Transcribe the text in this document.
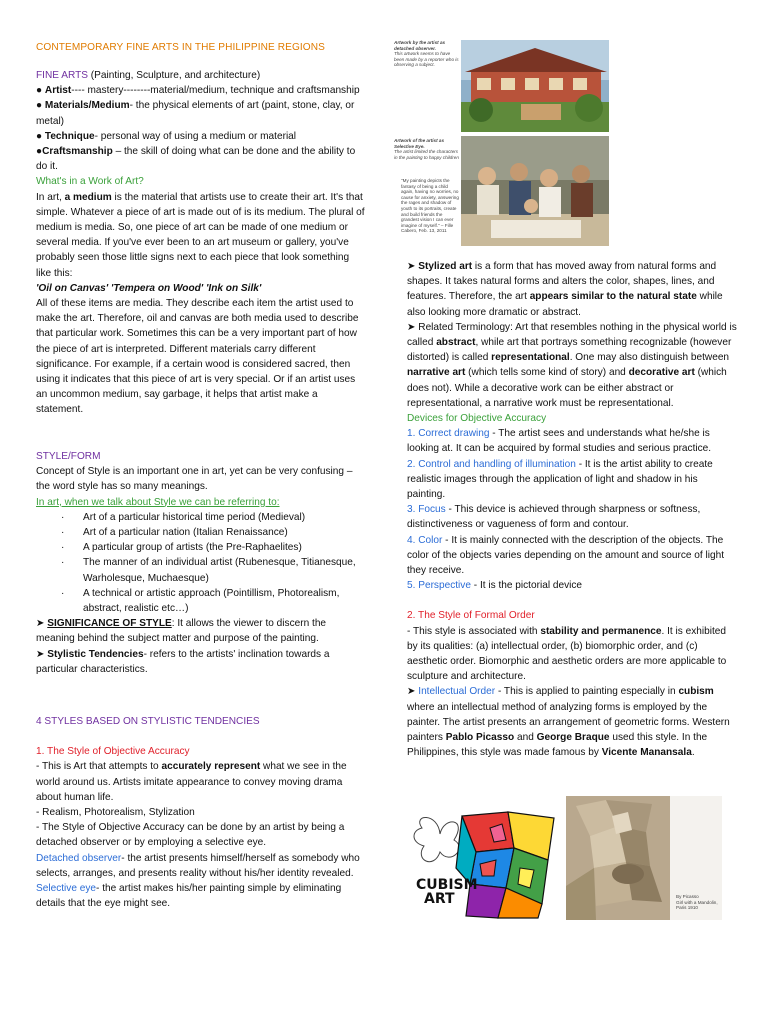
CONTEMPORARY FINE ARTS IN THE PHILIPPINE REGIONS

FINE ARTS (Painting, Sculpture, and architecture)

● Artist---- mastery--------material/medium, technique and craftsmanship

● Materials/Medium- the physical elements of art (paint, stone, clay, or metal)

● Technique- personal way of using a medium or material

●Craftsmanship – the skill of doing what can be done and the ability to do it.

What's in a Work of Art?

In art, a medium is the material that artists use to create their art. It's that simple. Whatever a piece of art is made out of is its medium. The plural of medium is media. So, one piece of art can be made of one medium or several media. If you've ever been to an art museum or gallery, you've probably seen those little signs next to each piece that look something like this:

'Oil on Canvas' 'Tempera on Wood' 'Ink on Silk'

All of these items are media. They describe each item the artist used to make the art. Therefore, oil and canvas are both media used to describe that particular work. Sometimes this can be a very important part of how the piece of art is interpreted. Different materials carry different significance. For example, if a certain wood is considered sacred, then using it indicates that this piece of art is very special. Or if an artist uses an uncommon medium, say garbage, it helps that artist make a statement.

STYLE/FORM

Concept of Style is an important one in art, yet can be very confusing – the word style has so many meanings.

In art, when we talk about Style we can be referring to:

· Art of a particular historical time period (Medieval)
· Art of a particular nation (Italian Renaissance)
· A particular group of artists (the Pre-Raphaelites)
· The manner of an individual artist (Rubenesque, Titianesque, Warholesque, Muchaesque)
· A technical or artistic approach (Pointillism, Photorealism, abstract, realistic etc…)

➤ SIGNIFICANCE OF STYLE: It allows the viewer to discern the meaning behind the subject matter and purpose of the painting.

➤ Stylistic Tendencies- refers to the artists' inclination towards a particular characteristics.

4 STYLES BASED ON STYLISTIC TENDENCIES

1. The Style of Objective Accuracy

- This is Art that attempts to accurately represent what we see in the world around us. Artists imitate appearance to convey moving drama about human life.

- Realism, Photorealism, Stylization

- The Style of Objective Accuracy can be done by an artist by being a detached observer or by employing a selective eye.

Detached observer- the artist presents himself/herself as somebody who selects, arranges, and presents reality without his/her identity revealed.

Selective eye- the artist makes his/her painting simple by eliminating details that the eye might see.

Artwork by the artist as detached observer.
This artwork seems to have been made by a reporter who is observing a subject.
Artwork of the artist as Selective Eye.
The artist limited the characters in the painting to happy children
"My painting depicts the fantasy of being a child again, having no worries, no cause for anxiety, answering the rages and shadow of youth to its portraits, create and build friends the grandest vision I can ever imagine of myself." – Fille Cabero, Feb. 13, 2011

➤ Stylized art is a form that has moved away from natural forms and shapes. It takes natural forms and alters the color, shapes, lines, and features. Therefore, the art appears similar to the natural state while also looking more dramatic or abstract.

➤ Related Terminology: Art that resembles nothing in the physical world is called abstract, while art that portrays something recognizable (however distorted) is called representational. One may also distinguish between narrative art (which tells some kind of story) and decorative art (which does not). While a decorative work can be either abstract or representational, a narrative work must be representational.

Devices for Objective Accuracy

1. Correct drawing - The artist sees and understands what he/she is looking at. It can be acquired by formal studies and serious practice.

2. Control and handling of illumination - It is the artist ability to create realistic images through the application of light and shadow in his painting.

3. Focus - This device is achieved through sharpness or softness, distinctiveness or vagueness of form and contour.

4. Color - It is mainly connected with the description of the objects. The color of the objects varies depending on the amount and source of light they receive.

5. Perspective - It is the pictorial device

2. The Style of Formal Order

- This style is associated with stability and permanence. It is exhibited by its qualities: (a) intellectual order, (b) biomorphic order, and (c) aesthetic order. Biomorphic and aesthetic orders are more applicable to sculpture and architecture.

➤ Intellectual Order - This is applied to painting especially in cubism where an intellectual method of analyzing forms is employed by the painter. The artist presents an arrangement of geometric forms. Western painters Pablo Picasso and George Braque used this style. In the Philippines, this style was made famous by Vicente Manansala.

CUBISM
ART	By Picasso
Girl with a Mandolin, Paris 1910
